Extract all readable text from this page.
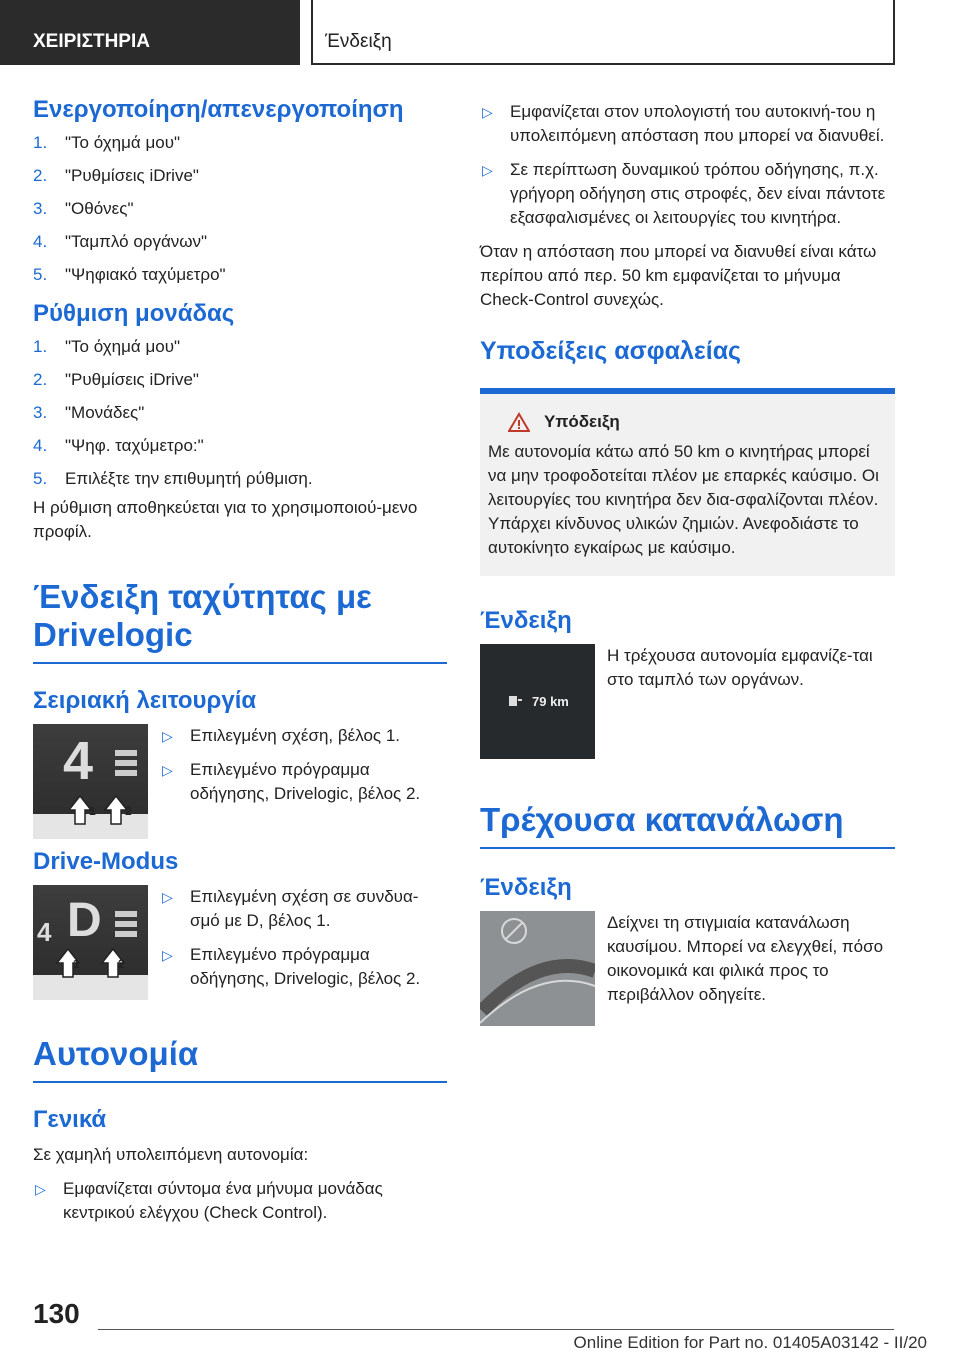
ΧΕΙΡΙΣΤΗΡΙΑ	Ένδειξη
Ενεργοποίηση/απενεργοποίηση
1. "Το όχημά μου"
2. "Ρυθμίσεις iDrive"
3. "Οθόνες"
4. "Ταμπλό οργάνων"
5. "Ψηφιακό ταχύμετρο"
Ρύθμιση μονάδας
1. "Το όχημά μου"
2. "Ρυθμίσεις iDrive"
3. "Μονάδες"
4. "Ψηφ. ταχύμετρο:"
5. Επιλέξτε την επιθυμητή ρύθμιση.

Η ρύθμιση αποθηκεύεται για το χρησιμοποιού-μενο προφίλ.

Ένδειξη ταχύτητας με Drivelogic
Σειριακή λειτουργία
4
1 2
▷ Επιλεγμένη σχέση, βέλος 1.
▷ Επιλεγμένο πρόγραμμα οδήγησης, Drivelogic, βέλος 2.
Drive-Modus
4 D
1	2
▷ Επιλεγμένη σχέση σε συνδυα-σμό με D, βέλος 1.
▷ Επιλεγμένο πρόγραμμα οδήγησης, Drivelogic, βέλος 2.
Αυτονομία
Γενικά

Σε χαμηλή υπολειπόμενη αυτονομία:

▷ Εμφανίζεται σύντομα ένα μήνυμα μονάδας κεντρικού ελέγχου (Check Control).
▷ Εμφανίζεται στον υπολογιστή του αυτοκινή-του η υπολειπόμενη απόσταση που μπορεί να διανυθεί.
▷ Σε περίπτωση δυναμικού τρόπου οδήγησης, π.χ. γρήγορη οδήγηση στις στροφές, δεν είναι πάντοτε εξασφαλισμένες οι λειτουργίες του κινητήρα.

Όταν η απόσταση που μπορεί να διανυθεί είναι κάτω περίπου από περ. 50 km εμφανίζεται το μήνυμα Check-Control συνεχώς.

Υποδείξεις ασφαλείας
Υπόδειξη

Με αυτονομία κάτω από 50 km ο κινητήρας μπορεί να μην τροφοδοτείται πλέον με επαρκές καύσιμο. Οι λειτουργίες του κινητήρα δεν δια-σφαλίζονται πλέον. Υπάρχει κίνδυνος υλικών ζημιών. Ανεφοδιάστε το αυτοκίνητο εγκαίρως με καύσιμο.

Ένδειξη
79 km

Η τρέχουσα αυτονομία εμφανίζε-ται στο ταμπλό των οργάνων.

Τρέχουσα κατανάλωση
Ένδειξη

Δείχνει τη στιγμιαία κατανάλωση καυσίμου. Μπορεί να ελεγχθεί, πόσο οικονομικά και φιλικά προς το περιβάλλον οδηγείτε.

130
Online Edition for Part no. 01405A03142 - II/20
